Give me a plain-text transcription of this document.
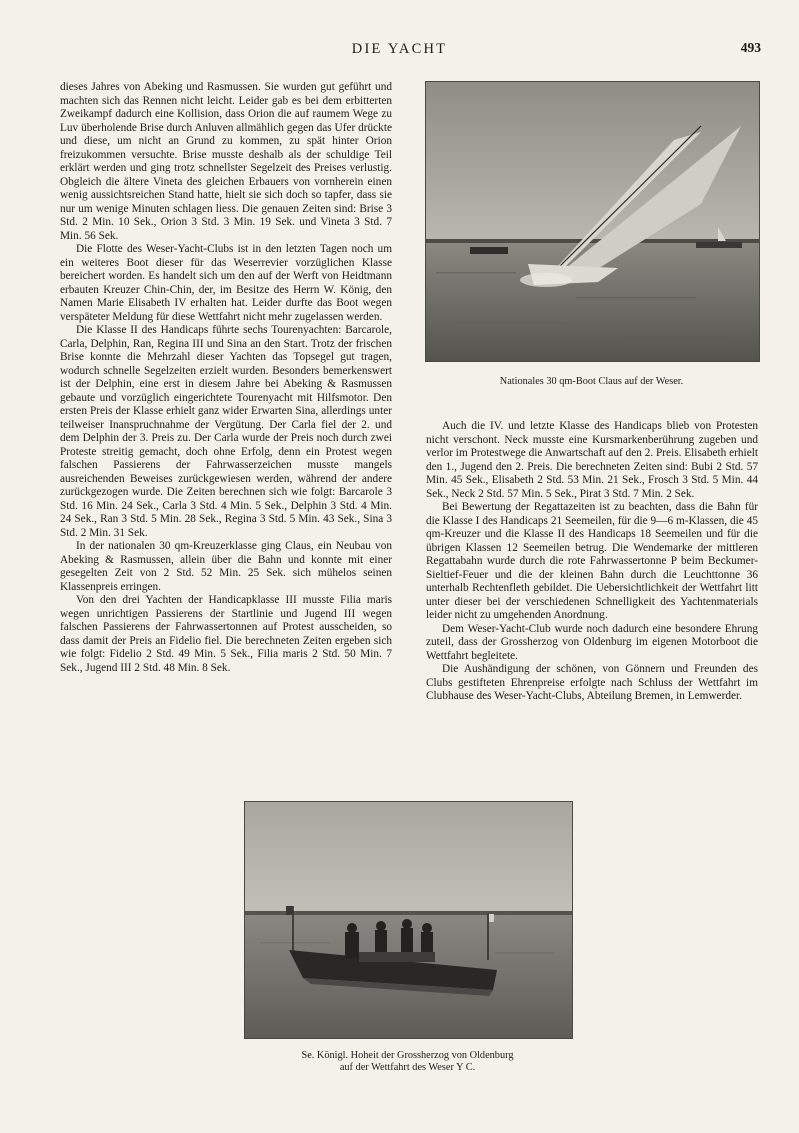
DIE YACHT	493

dieses Jahres von Abeking und Rasmussen. Sie wurden gut geführt und machten sich das Rennen nicht leicht. Leider gab es bei dem erbitterten Zweikampf dadurch eine Kollision, dass Orion die auf raumem Wege zu Luv überholende Brise durch Anluven allmählich gegen das Ufer drückte und diese, um nicht an Grund zu kommen, zu spät hinter Orion freizukommen versuchte. Brise musste deshalb als der schuldige Teil erklärt werden und ging trotz schnellster Segelzeit des Preises verlustig. Obgleich die ältere Vineta des gleichen Erbauers von vornherein einen wenig aussichtsreichen Stand hatte, hielt sie sich doch so tapfer, dass sie nur um wenige Minuten schlagen liess. Die genauen Zeiten sind: Brise 3 Std. 2 Min. 10 Sek., Orion 3 Std. 3 Min. 19 Sek. und Vineta 3 Std. 7 Min. 56 Sek.

Die Flotte des Weser-Yacht-Clubs ist in den letzten Tagen noch um ein weiteres Boot dieser für das Weserrevier vorzüglichen Klasse bereichert worden. Es handelt sich um den auf der Werft von Heidtmann erbauten Kreuzer Chin-Chin, der, im Besitze des Herrn W. König, den Namen Marie Elisabeth IV erhalten hat. Leider durfte das Boot wegen verspäteter Meldung für diese Wettfahrt nicht mehr zugelassen werden.

Die Klasse II des Handicaps führte sechs Tourenyachten: Barcarole, Carla, Delphin, Ran, Regina III und Sina an den Start. Trotz der frischen Brise konnte die Mehrzahl dieser Yachten das Topsegel gut tragen, wodurch schnelle Segelzeiten erzielt wurden. Besonders bemerkenswert ist der Delphin, eine erst in diesem Jahre bei Abeking & Rasmussen gebaute und vorzüglich eingerichtete Tourenyacht mit Hilfsmotor. Den ersten Preis der Klasse erhielt ganz wider Erwarten Sina, allerdings unter teilweiser Inanspruchnahme der Vergütung. Der Carla fiel der 2. und dem Delphin der 3. Preis zu. Der Carla wurde der Preis noch durch zwei Proteste streitig gemacht, doch ohne Erfolg, denn ein Protest wegen falschen Passierens der Fahrwasserzeichen musste mangels ausreichenden Beweises zurückgewiesen werden, während der andere zurückgezogen wurde. Die Zeiten berechnen sich wie folgt: Barcarole 3 Std. 16 Min. 24 Sek., Carla 3 Std. 4 Min. 5 Sek., Delphin 3 Std. 4 Min. 24 Sek., Ran 3 Std. 5 Min. 28 Sek., Regina 3 Std. 5 Min. 43 Sek., Sina 3 Std. 2 Min. 31 Sek.

In der nationalen 30 qm-Kreuzerklasse ging Claus, ein Neubau von Abeking & Rasmussen, allein über die Bahn und konnte mit einer gesegelten Zeit von 2 Std. 52 Min. 25 Sek. sich mühelos seinen Klassenpreis erringen.

Von den drei Yachten der Handicapklasse III musste Filia maris wegen unrichtigen Passierens der Startlinie und Jugend III wegen falschen Passierens der Fahrwassertonnen auf Protest ausscheiden, so dass damit der Preis an Fidelio fiel. Die berechneten Zeiten ergeben sich wie folgt: Fidelio 2 Std. 49 Min. 5 Sek., Filia maris 2 Std. 50 Min. 7 Sek., Jugend III 2 Std. 48 Min. 8 Sek.

Nationales 30 qm-Boot Claus auf der Weser.

Auch die IV. und letzte Klasse des Handicaps blieb von Protesten nicht verschont. Neck musste eine Kursmarkenberührung zugeben und verlor im Protestwege die Anwartschaft auf den 2. Preis. Elisabeth erhielt den 1., Jugend den 2. Preis. Die berechneten Zeiten sind: Bubi 2 Std. 57 Min. 45 Sek., Elisabeth 2 Std. 53 Min. 21 Sek., Frosch 3 Std. 5 Min. 44 Sek., Neck 2 Std. 57 Min. 5 Sek., Pirat 3 Std. 7 Min. 2 Sek.

Bei Bewertung der Regattazeiten ist zu beachten, dass die Bahn für die Klasse I des Handicaps 21 Seemeilen, für die 9—6 m-Klassen, die 45 qm-Kreuzer und die Klasse II des Handicaps 18 Seemeilen und für die übrigen Klassen 12 Seemeilen betrug. Die Wendemarke der mittleren Regattabahn wurde durch die rote Fahrwassertonne P beim Beckumer-Sieltief-Feuer und die der kleinen Bahn durch die Leuchttonne 36 unterhalb Rechtenfleth gebildet. Die Uebersichtlichkeit der Wettfahrt litt unter dieser bei der verschiedenen Schnelligkeit des Yachtenmaterials leider nicht zu umgehenden Anordnung.

Dem Weser-Yacht-Club wurde noch dadurch eine besondere Ehrung zuteil, dass der Grossherzog von Oldenburg im eigenen Motorboot die Wettfahrt begleitete.

Die Aushändigung der schönen, von Gönnern und Freunden des Clubs gestifteten Ehrenpreise erfolgte nach Schluss der Wettfahrt im Clubhause des Weser-Yacht-Clubs, Abteilung Bremen, in Lemwerder.

Se. Königl. Hoheit der Grossherzog von Oldenburg
auf der Wettfahrt des Weser Y C.
